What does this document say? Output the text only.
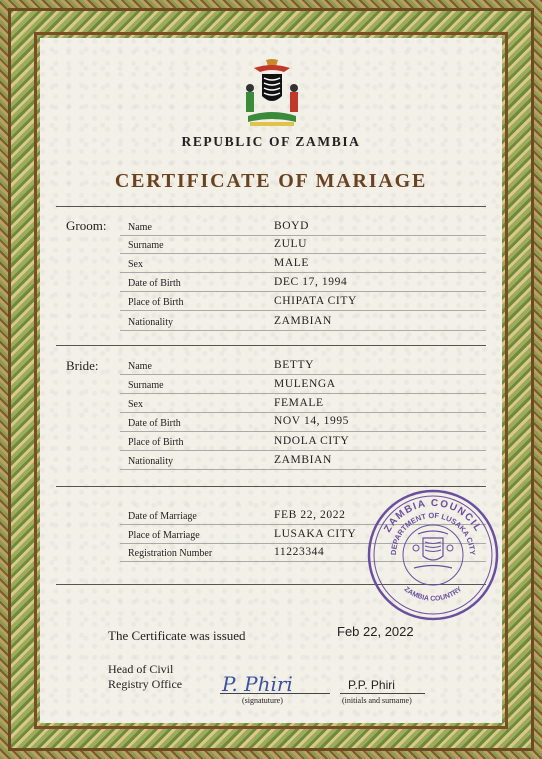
REPUBLIC OF ZAMBIA
CERTIFICATE OF MARIAGE
Groom: Name	BOYD
Surname	ZULU
Sex	MALE
Date of Birth	DEC 17, 1994
Place of Birth	CHIPATA CITY
Nationality	ZAMBIAN
Bride:	Name	BETTY
Surname	MULENGA
Sex	FEMALE
Date of Birth	NOV 14, 1995
Place of Birth	NDOLA CITY
Nationality	ZAMBIAN
Date of Marriage	FEB 22, 2022
Place of Marriage	LUSAKA CITY
Registration Number	11223344
ZAMBIA COUNCIL
DEPARTMENT OF LUSAKA CITY
ZAMBIA COUNTRY
The Certificate was issued	Feb 22, 2022
Head of Civil Registry Office	P. Phiri
(signatuture)
P.P. Phiri
(initials and surname)
